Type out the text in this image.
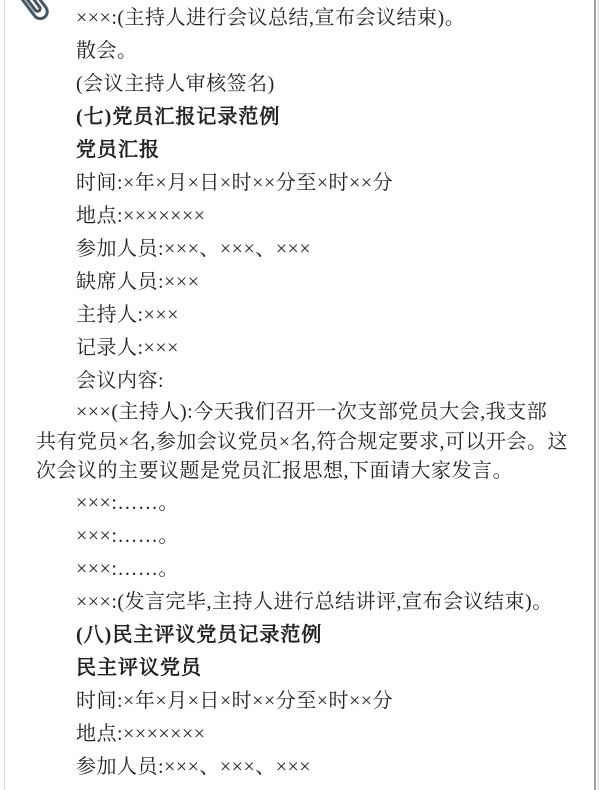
×××:(主持人进行会议总结,宣布会议结束)。

散会。

(会议主持人审核签名)

(七)党员汇报记录范例

党员汇报

时间:×年×月×日×时××分至×时××分

地点:×××××××

参加人员:×××、×××、×××

缺席人员:×××

主持人:×××

记录人:×××

会议内容:

×××(主持人):今天我们召开一次支部党员大会,我支部

共有党员×名,参加会议党员×名,符合规定要求,可以开会。这

次会议的主要议题是党员汇报思想,下面请大家发言。

×××:……。

×××:……。

×××:……。

×××:(发言完毕,主持人进行总结讲评,宣布会议结束)。

(八)民主评议党员记录范例

民主评议党员

时间:×年×月×日×时××分至×时××分

地点:×××××××

参加人员:×××、×××、×××
